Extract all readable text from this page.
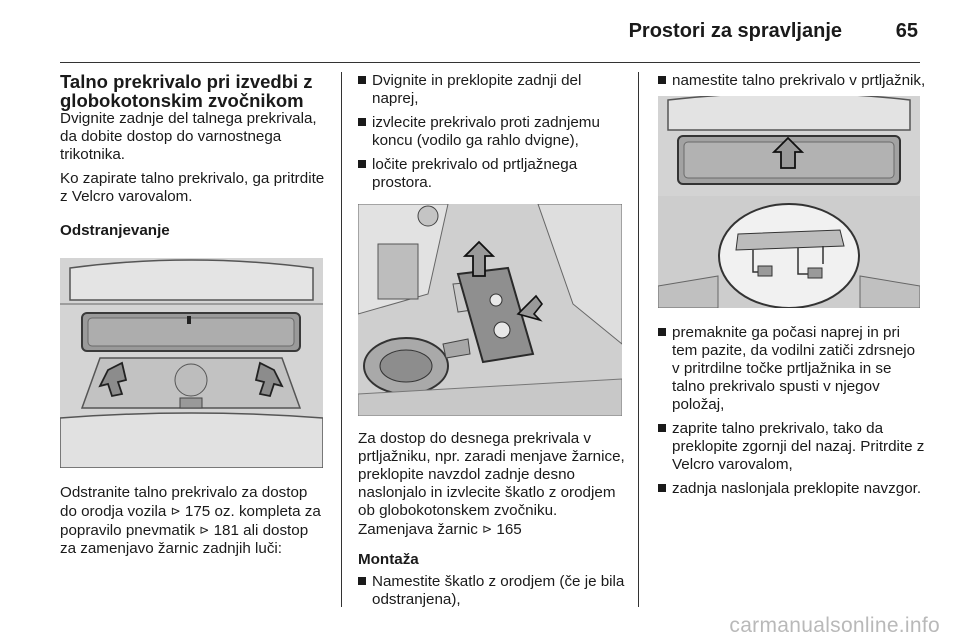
Prostori za spravljanje	65
Talno prekrivalo pri izvedbi z globokotonskim zvočnikom

Dvignite zadnje del talnega prekrivala, da dobite dostop do varnostnega trikotnika.

Ko zapirate talno prekrivalo, ga pritrdite z Velcro varovalom.

Odstranjevanje

Odstranite talno prekrivalo za dostop do orodja vozila ⊳ 175 oz. kompleta za popravilo pnevmatik ⊳ 181 ali dostop za zamenjavo žarnic zadnjih luči:

Dvignite in preklopite zadnji del naprej,
izvlecite prekrivalo proti zadnjemu koncu (vodilo ga rahlo dvigne),
ločite prekrivalo od prtljažnega prostora.

Za dostop do desnega prekrivala v prtljažniku, npr. zaradi menjave žarnice, preklopite navzdol zadnje desno naslonjalo in izvlecite škatlo z orodjem ob globokotonskem zvočniku. Zamenjava žarnic ⊳ 165

Montaža
Namestite škatlo z orodjem (če je bila odstranjena),
namestite talno prekrivalo v prtljažnik,
premaknite ga počasi naprej in pri tem pazite, da vodilni zatiči zdrsnejo v pritrdilne točke prtljažnika in se talno prekrivalo spusti v njegov položaj,
zaprite talno prekrivalo, tako da preklopite zgornji del nazaj. Pritrdite z Velcro varovalom,
zadnja naslonjala preklopite navzgor.
carmanualsonline.info
